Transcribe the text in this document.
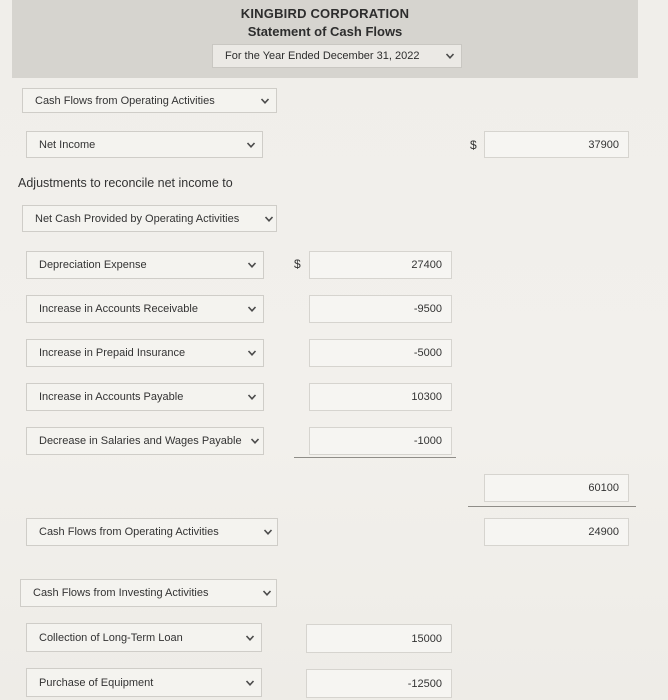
KINGBIRD CORPORATION
Statement of Cash Flows
For the Year Ended December 31, 2022
Cash Flows from Operating Activities
Net Income	$	37900
Adjustments to reconcile net income to
Net Cash Provided by Operating Activities
Depreciation Expense	$	27400
Increase in Accounts Receivable	-9500
Increase in Prepaid Insurance	-5000
Increase in Accounts Payable	10300
Decrease in Salaries and Wages Payable	-1000
60100
Cash Flows from Operating Activities	24900
Cash Flows from Investing Activities
Collection of Long-Term Loan	15000
Purchase of Equipment	-12500
